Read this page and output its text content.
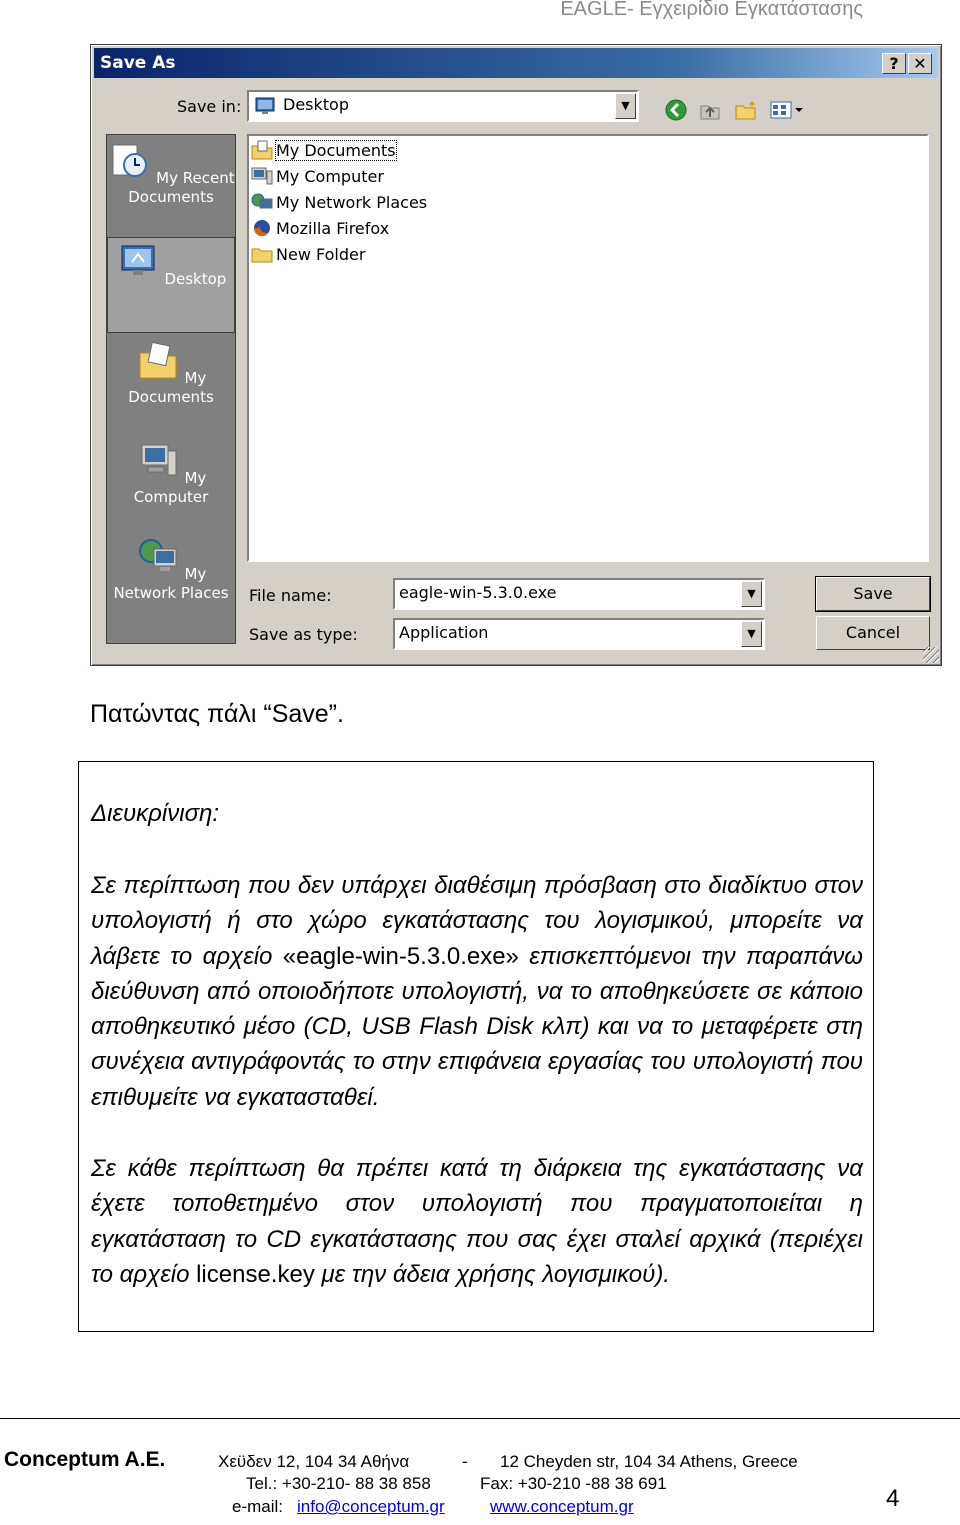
EAGLE- Εγχειρίδιο Εγκατάστασης
Save As	? ✕
Save in:	Desktop	▼
My Recent Documents
Desktop
My Documents
My Computer
My Network Places
My Documents
My Computer
My Network Places
Mozilla Firefox
New Folder
File name:	eagle-win-5.3.0.exe	▼
Save as type:	Application	▼
Save
Cancel
Πατώντας πάλι “Save”.
Διευκρίνιση:
Σε περίπτωση που δεν υπάρχει διαθέσιμη πρόσβαση στο διαδίκτυο στον υπολογιστή ή στο χώρο εγκατάστασης του λογισμικού, μπορείτε να λάβετε το αρχείο «eagle-win-5.3.0.exe» επισκεπτόμενοι την παραπάνω διεύθυνση από οποιοδήποτε υπολογιστή, να το αποθηκεύσετε σε κάποιο αποθηκευτικό μέσο (CD, USB Flash Disk κλπ) και να το μεταφέρετε στη συνέχεια αντιγράφοντάς το στην επιφάνεια εργασίας του υπολογιστή που επιθυμείτε να εγκατασταθεί.
Σε κάθε περίπτωση θα πρέπει κατά τη διάρκεια της εγκατάστασης να έχετε τοποθετημένο στον υπολογιστή που πραγματοποιείται η εγκατάσταση το CD εγκατάστασης που σας έχει σταλεί αρχικά (περιέχει το αρχείο license.key με την άδεια χρήσης λογισμικού).
Conceptum A.E.	Χεϋδεν 12, 104 34 Αθήνα	- 12 Cheyden str, 104 34 Athens, Greece
Tel.: +30-210- 88 38 858	Fax: +30-210 -88 38 691
e-mail: info@conceptum.gr	www.conceptum.gr	4
